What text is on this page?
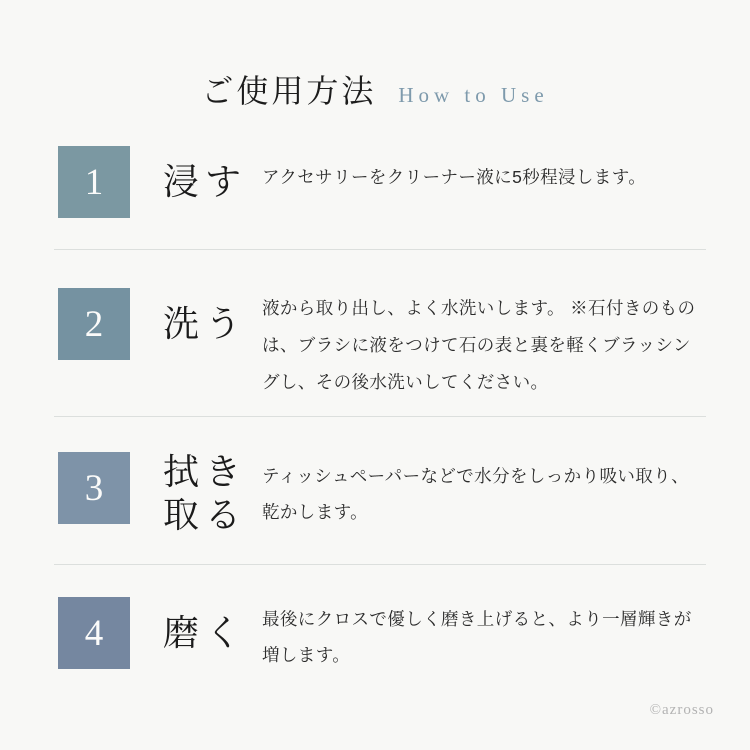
ご使用方法 How to Use
1 浸す アクセサリーをクリーナー液に5秒程浸します。
2 洗う 液から取り出し、よく水洗いします。 ※石付きのものは、ブラシに液をつけて石の表と裏を軽くブラッシングし、その後水洗いしてください。
3 拭き取る
ティッシュペーパーなどで水分をしっかり吸い取り、乾かします。
4 磨く 最後にクロスで優しく磨き上げると、より一層輝きが増します。
©azrosso
